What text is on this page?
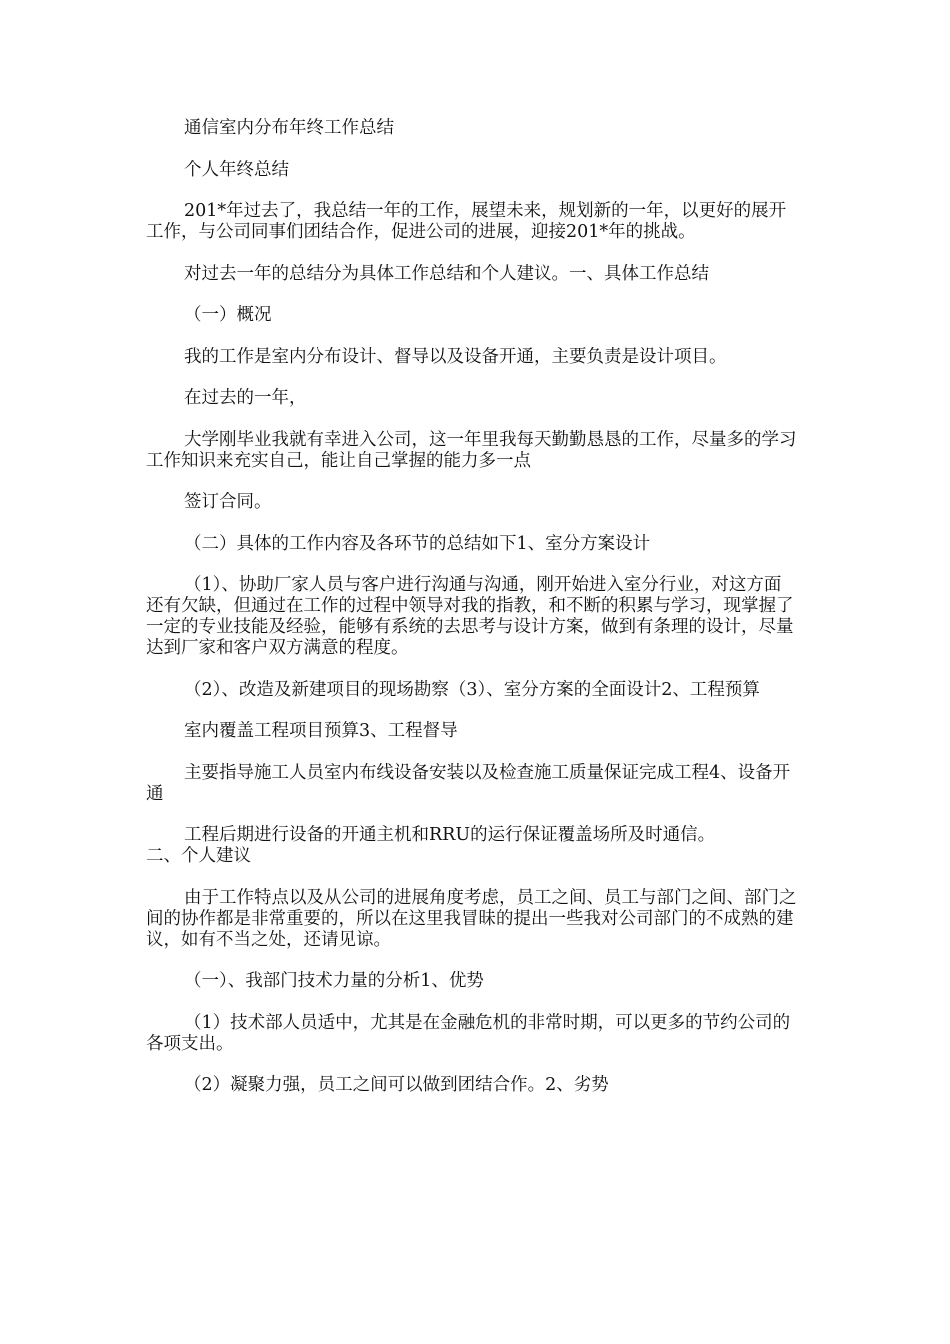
通信室内分布年终工作总结

个人年终总结

201*年过去了，我总结一年的工作，展望未来，规划新的一年，以更好的展开工作，与公司同事们团结合作，促进公司的进展，迎接201*年的挑战。

对过去一年的总结分为具体工作总结和个人建议。一、具体工作总结

（一）概况

我的工作是室内分布设计、督导以及设备开通，主要负责是设计项目。

在过去的一年，

大学刚毕业我就有幸进入公司，这一年里我每天勤勤恳恳的工作，尽量多的学习工作知识来充实自己，能让自己掌握的能力多一点

签订合同。

（二）具体的工作内容及各环节的总结如下1、室分方案设计

（1）、协助厂家人员与客户进行沟通与沟通，刚开始进入室分行业，对这方面还有欠缺，但通过在工作的过程中领导对我的指教，和不断的积累与学习，现掌握了一定的专业技能及经验，能够有系统的去思考与设计方案，做到有条理的设计，尽量达到厂家和客户双方满意的程度。

（2）、改造及新建项目的现场勘察（3）、室分方案的全面设计2、工程预算

室内覆盖工程项目预算3、工程督导

主要指导施工人员室内布线设备安装以及检查施工质量保证完成工程4、设备开通

工程后期进行设备的开通主机和RRU的运行保证覆盖场所及时通信。

二、个人建议

由于工作特点以及从公司的进展角度考虑，员工之间、员工与部门之间、部门之间的协作都是非常重要的，所以在这里我冒昧的提出一些我对公司部门的不成熟的建议，如有不当之处，还请见谅。

（一）、我部门技术力量的分析1、优势

（1）技术部人员适中，尤其是在金融危机的非常时期，可以更多的节约公司的各项支出。

（2）凝聚力强，员工之间可以做到团结合作。2、劣势
